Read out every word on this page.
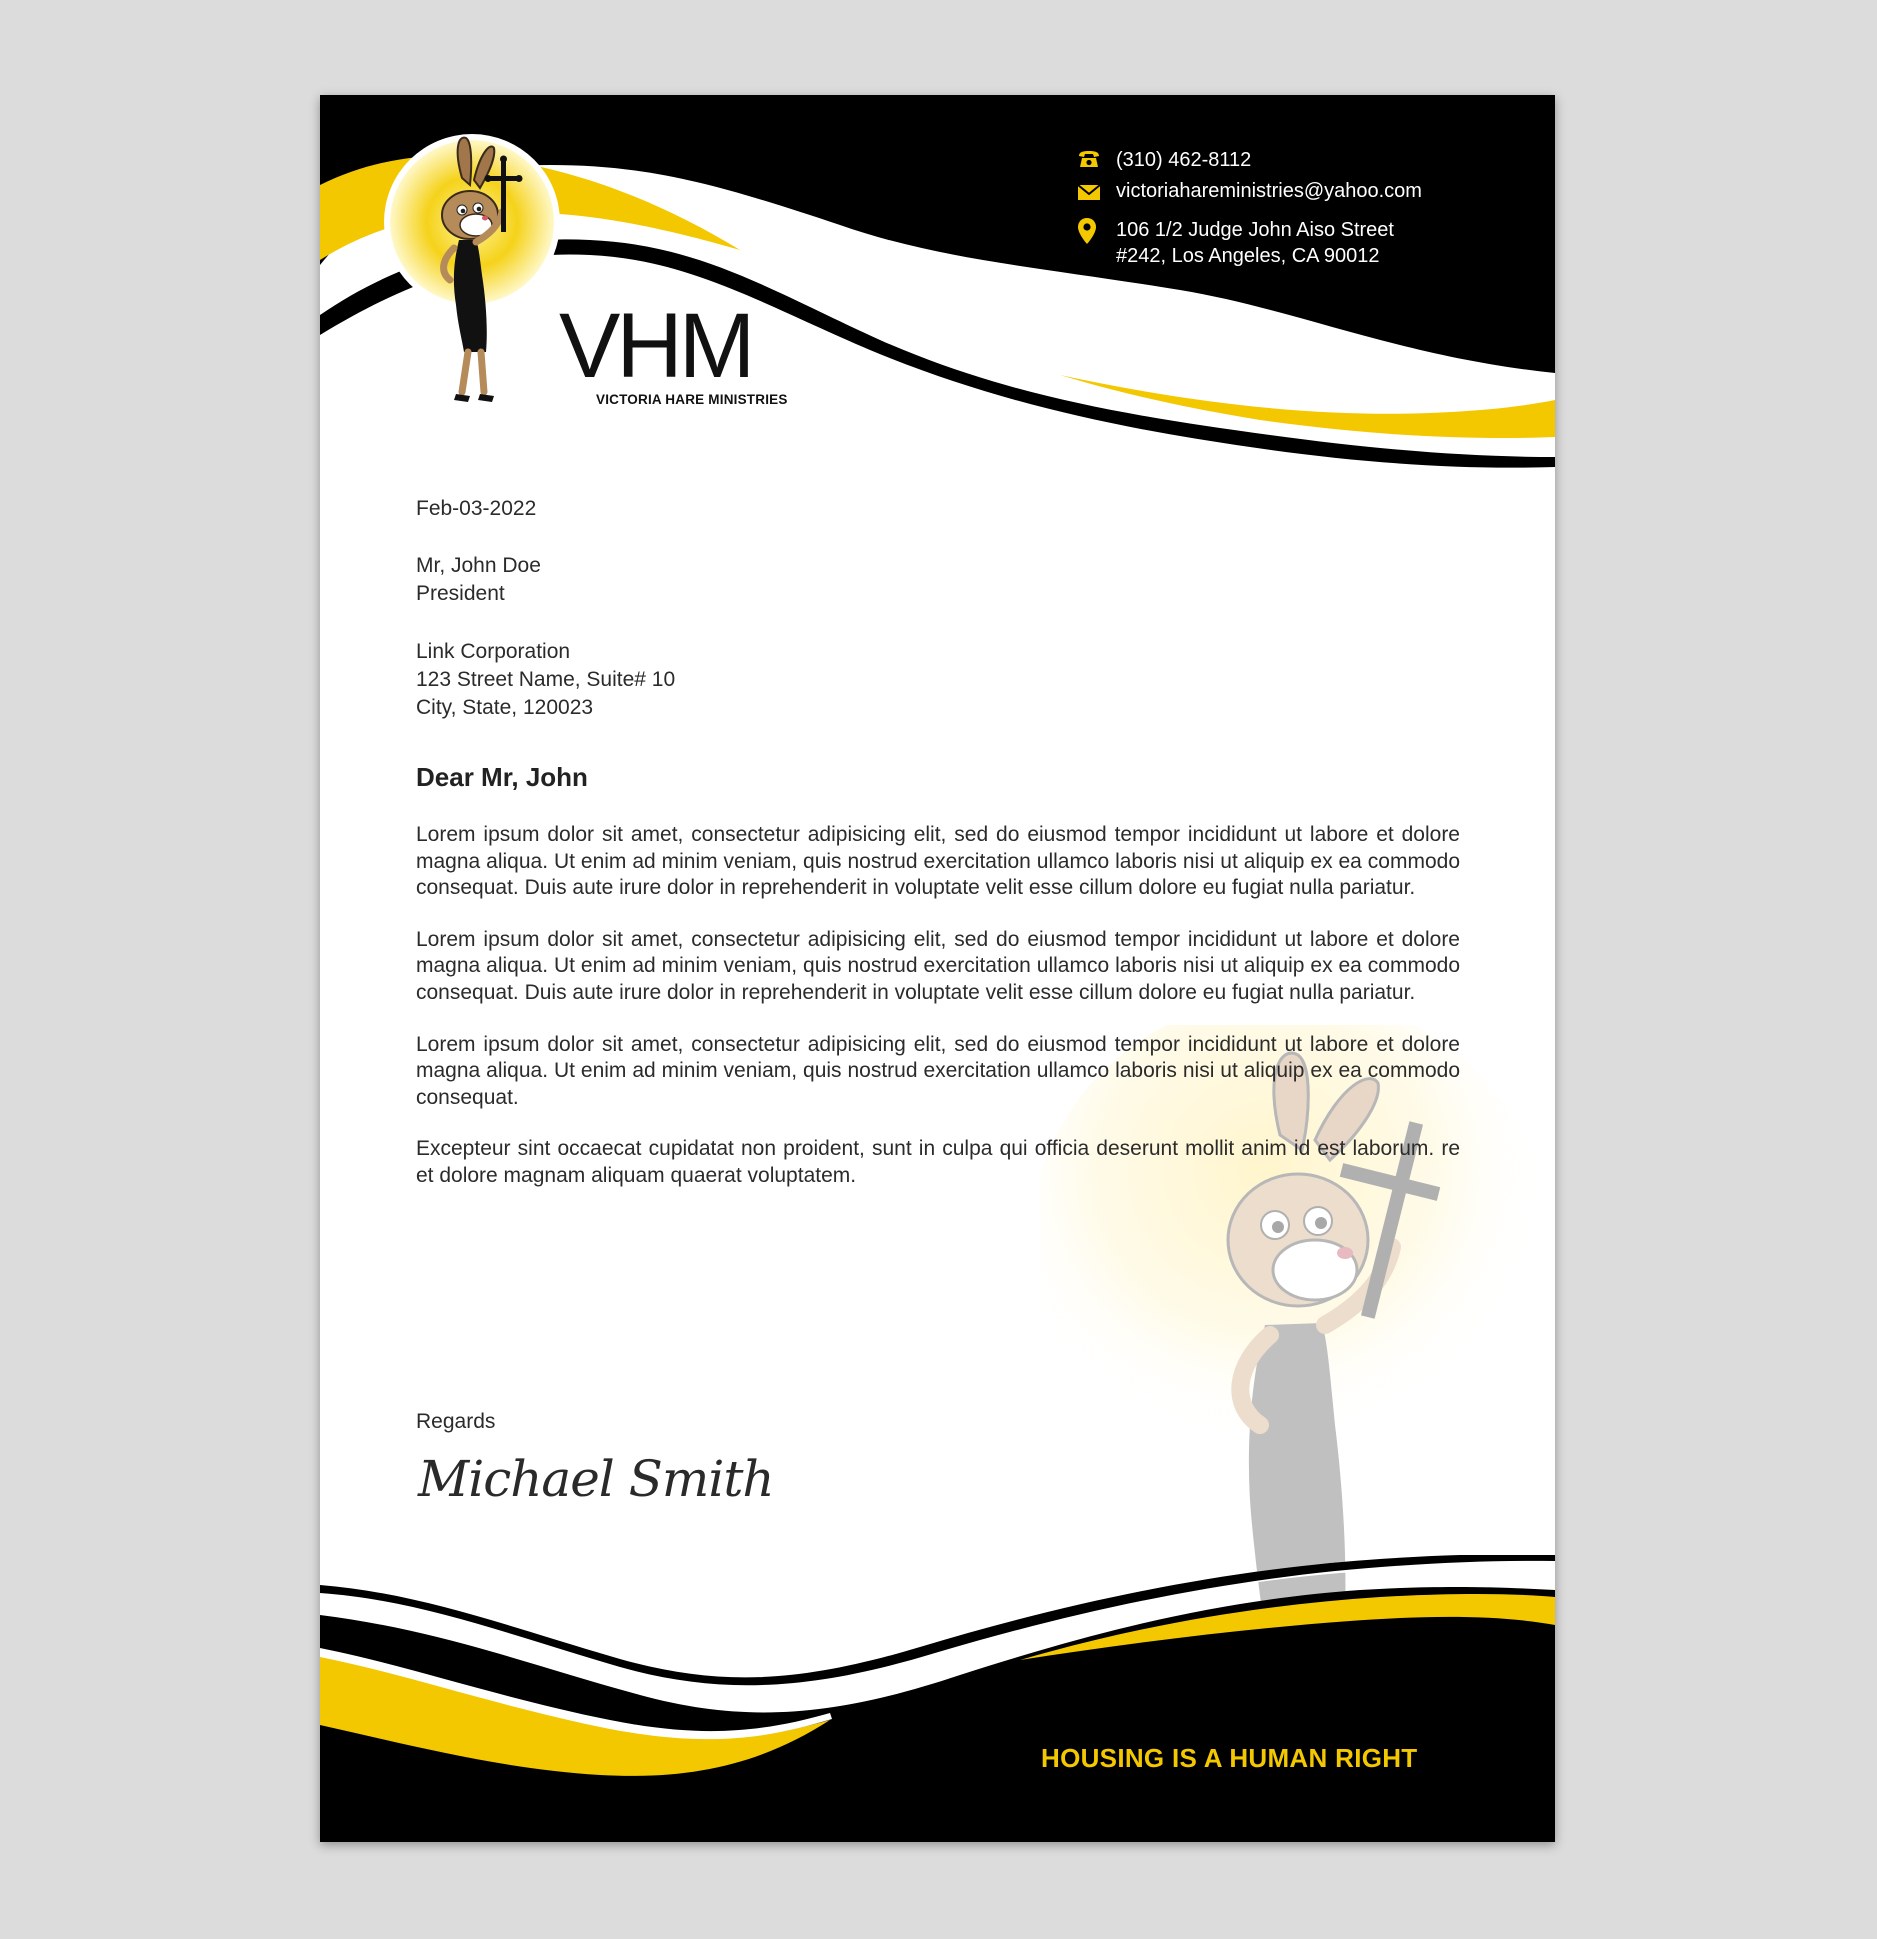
VHM
VICTORIA HARE MINISTRIES
(310) 462-8112
victoriahareministries@yahoo.com
106 1/2 Judge John Aiso Street
#242, Los Angeles, CA 90012
Feb-03-2022
Mr, John Doe
President
Link Corporation
123 Street Name, Suite# 10
City, State, 120023
Dear Mr, John

Lorem ipsum dolor sit amet, consectetur adipisicing elit, sed do eiusmod tempor incididunt ut labore et dolore magna aliqua. Ut enim ad minim veniam, quis nostrud exercitation ullamco laboris nisi ut aliquip ex ea commodo consequat. Duis aute irure dolor in reprehenderit in voluptate velit esse cillum dolore eu fugiat nulla pariatur.

Lorem ipsum dolor sit amet, consectetur adipisicing elit, sed do eiusmod tempor incididunt ut labore et dolore magna aliqua. Ut enim ad minim veniam, quis nostrud exercitation ullamco laboris nisi ut aliquip ex ea commodo consequat. Duis aute irure dolor in reprehenderit in voluptate velit esse cillum dolore eu fugiat nulla pariatur.

Lorem ipsum dolor sit amet, consectetur adipisicing elit, sed do eiusmod tempor incididunt ut labore et dolore magna aliqua. Ut enim ad minim veniam, quis nostrud exercitation ullamco laboris nisi ut aliquip ex ea commodo consequat.

Excepteur sint occaecat cupidatat non proident, sunt in culpa qui officia deserunt mollit anim id est laborum. re et dolore magnam aliquam quaerat voluptatem.

Regards
Michael Smith
HOUSING IS A HUMAN RIGHT
